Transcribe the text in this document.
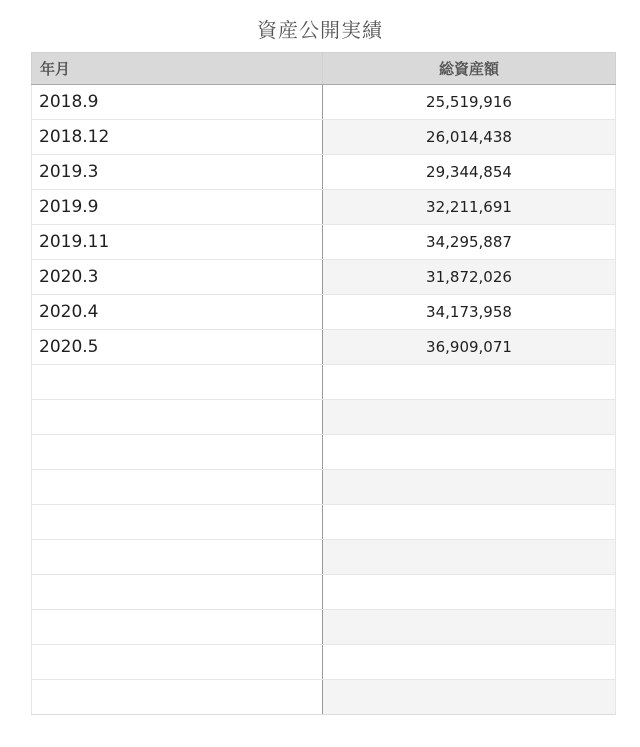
資産公開実績
年月	総資産額
2018.9	25,519,916
2018.12	26,014,438
2019.3	29,344,854
2019.9	32,211,691
2019.11	34,295,887
2020.3	31,872,026
2020.4	34,173,958
2020.5	36,909,071
